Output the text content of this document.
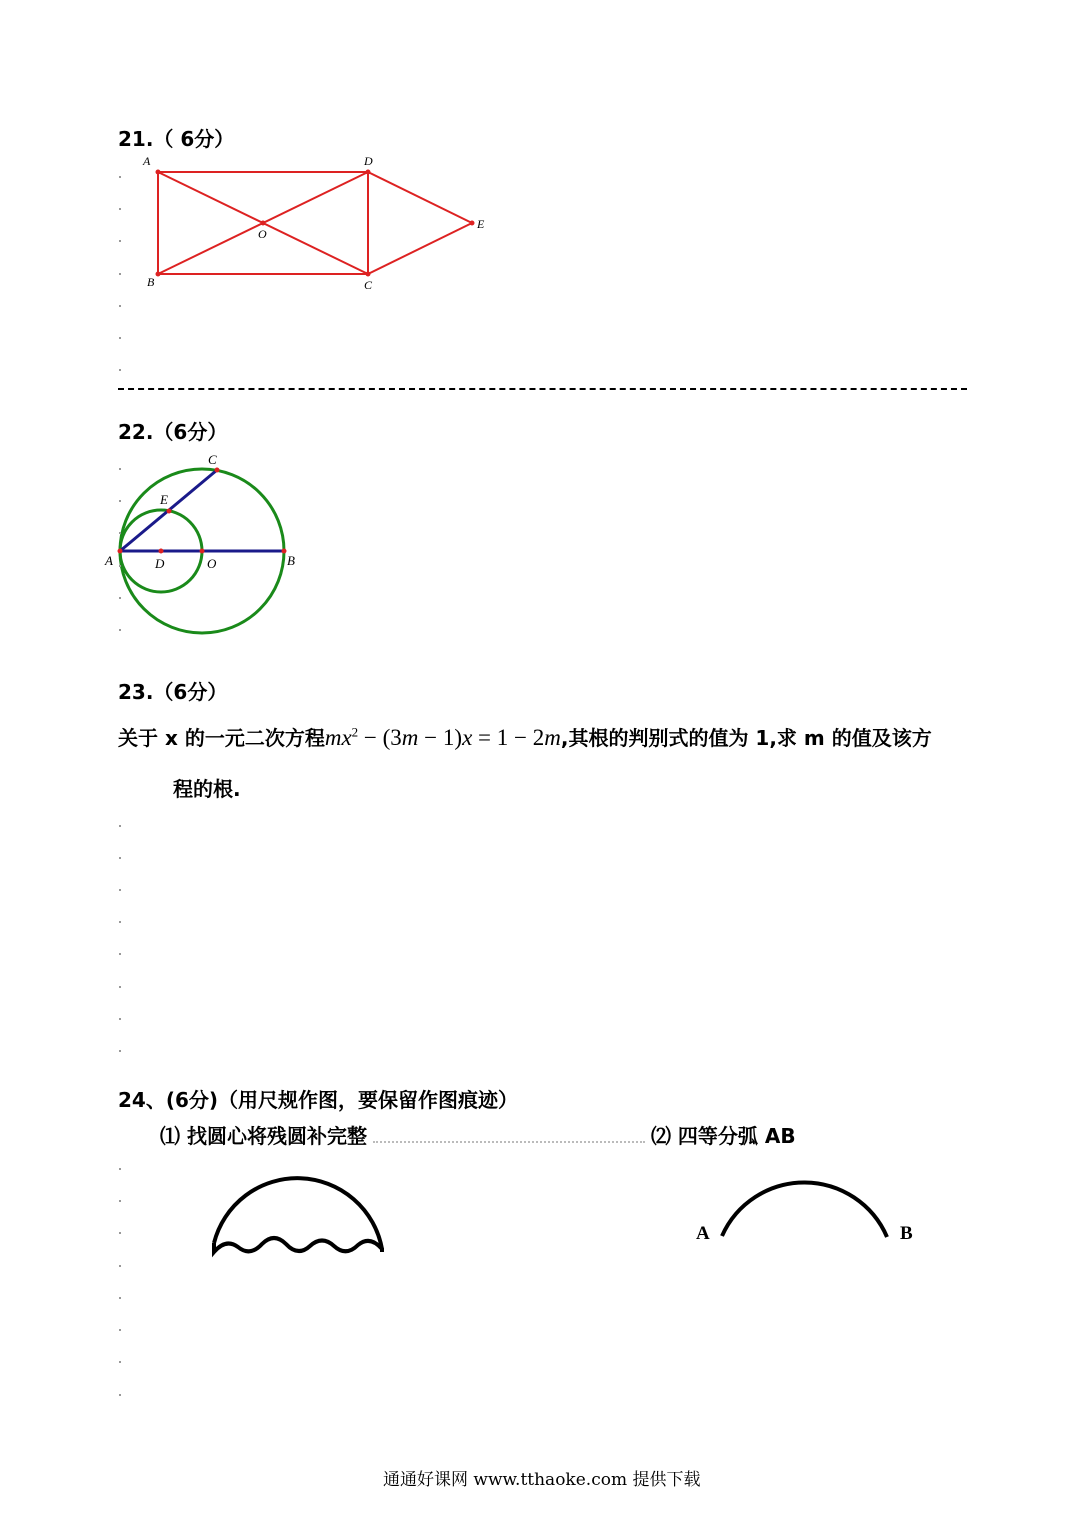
21.（ 6分）
A	D
E
O
B	C
22.（6分）
C
E
A	D	O	B
23.（6分）
关于 x 的一元二次方程$mx^2 - (3m - 1)x = 1 - 2m$,其根的判别式的值为 1,求 m 的值及该方
程的根.
24、(6分)（用尺规作图，要保留作图痕迹）
⑴ 找圆心将残圆补完整	⑵ 四等分弧 AB
A	B
通通好课网 www.tthaoke.com 提供下载
